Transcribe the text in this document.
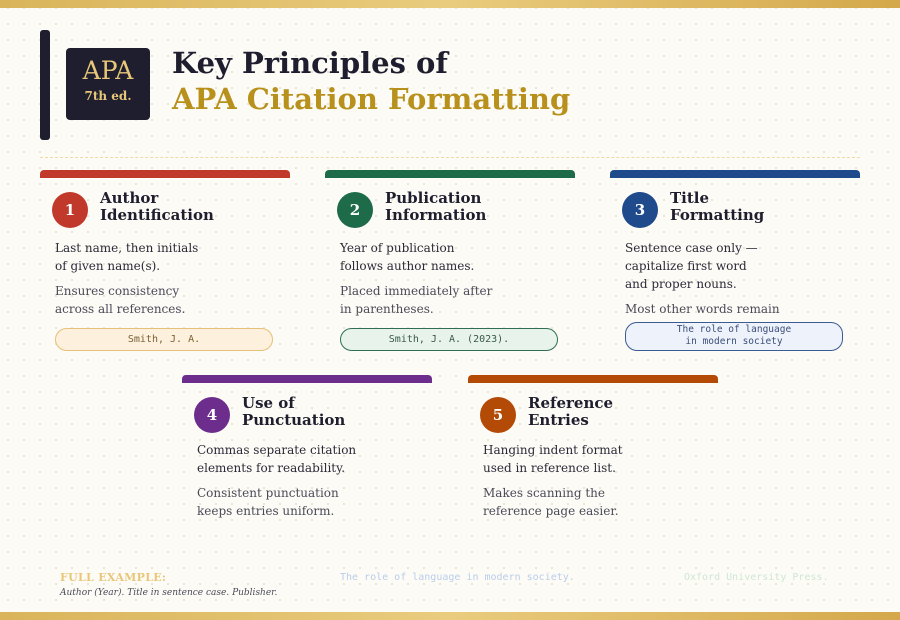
APA
7th ed.
Key Principles of
APA Citation Formatting
1
Author
Identification
Last name, then initials
of given name(s).
Ensures consistency
across all references.
Smith, J. A.
2
Publication
Information
Year of publication
follows author names.
Placed immediately after
in parentheses.
Smith, J. A. (2023).
3
Title
Formatting
Sentence case only —
capitalize first word
and proper nouns.
Most other words remain
The role of language
in modern society
4
Use of
Punctuation
Commas separate citation
elements for readability.
Consistent punctuation
keeps entries uniform.
5
Reference
Entries
Hanging indent format
used in reference list.
Makes scanning the
reference page easier.
FULL EXAMPLE:
Author (Year). Title in sentence case. Publisher.
The role of language in modern society.	Oxford University Press.
